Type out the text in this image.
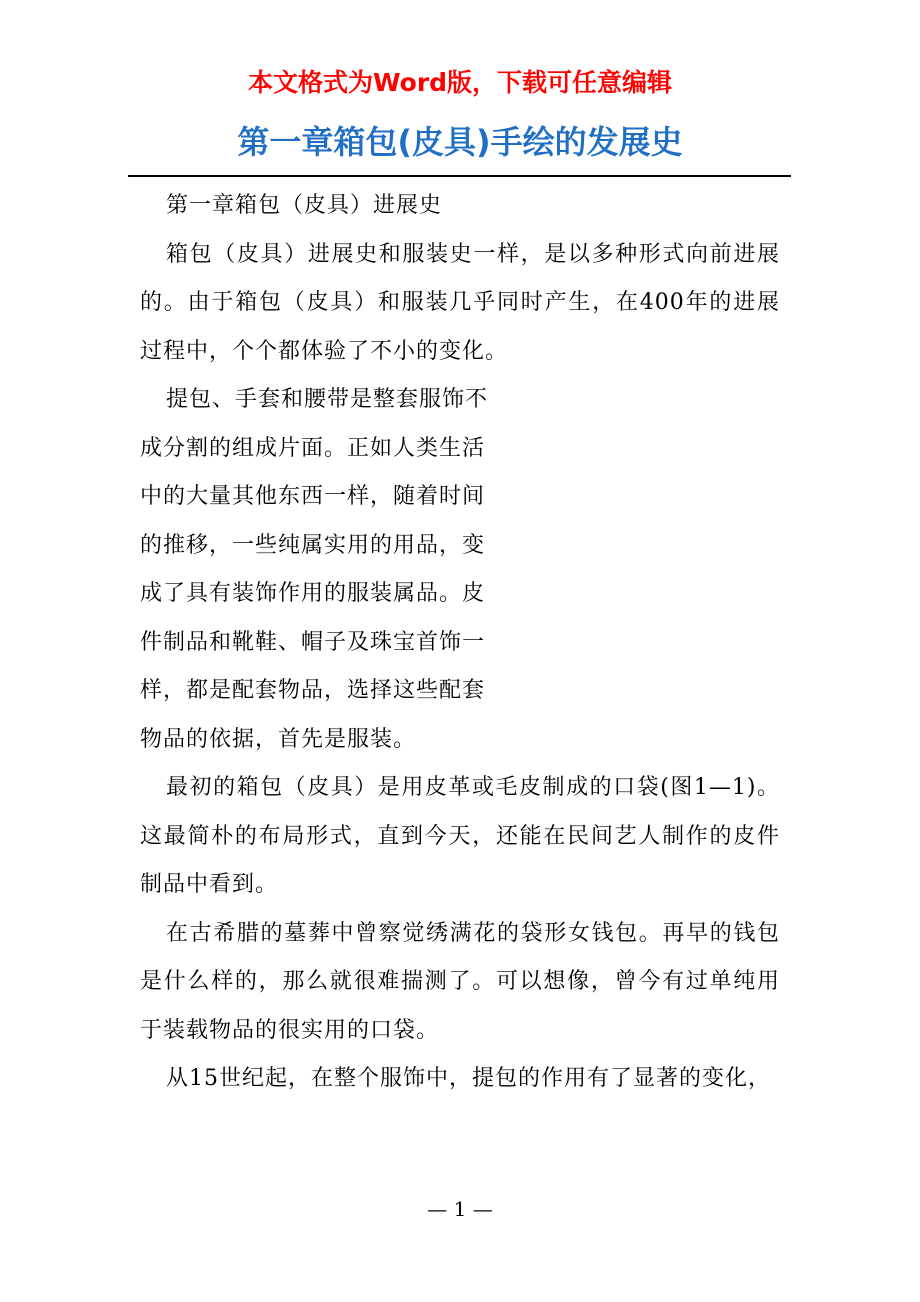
本文格式为Word版，下载可任意编辑
第一章箱包(皮具)手绘的发展史

第一章箱包（皮具）进展史

箱包（皮具）进展史和服装史一样，是以多种形式向前进展的。由于箱包（皮具）和服装几乎同时产生，在400年的进展过程中，个个都体验了不小的变化。

提包、手套和腰带是整套服饰不成分割的组成片面。正如人类生活中的大量其他东西一样，随着时间的推移，一些纯属实用的用品，变成了具有装饰作用的服装属品。皮件制品和靴鞋、帽子及珠宝首饰一样，都是配套物品，选择这些配套物品的依据，首先是服装。

最初的箱包（皮具）是用皮革或毛皮制成的口袋(图1—1)。这最简朴的布局形式，直到今天，还能在民间艺人制作的皮件制品中看到。

在古希腊的墓葬中曾察觉绣满花的袋形女钱包。再早的钱包是什么样的，那么就很难揣测了。可以想像，曾今有过单纯用于装载物品的很实用的口袋。

从15世纪起，在整个服饰中，提包的作用有了显著的变化，

— 1 —
